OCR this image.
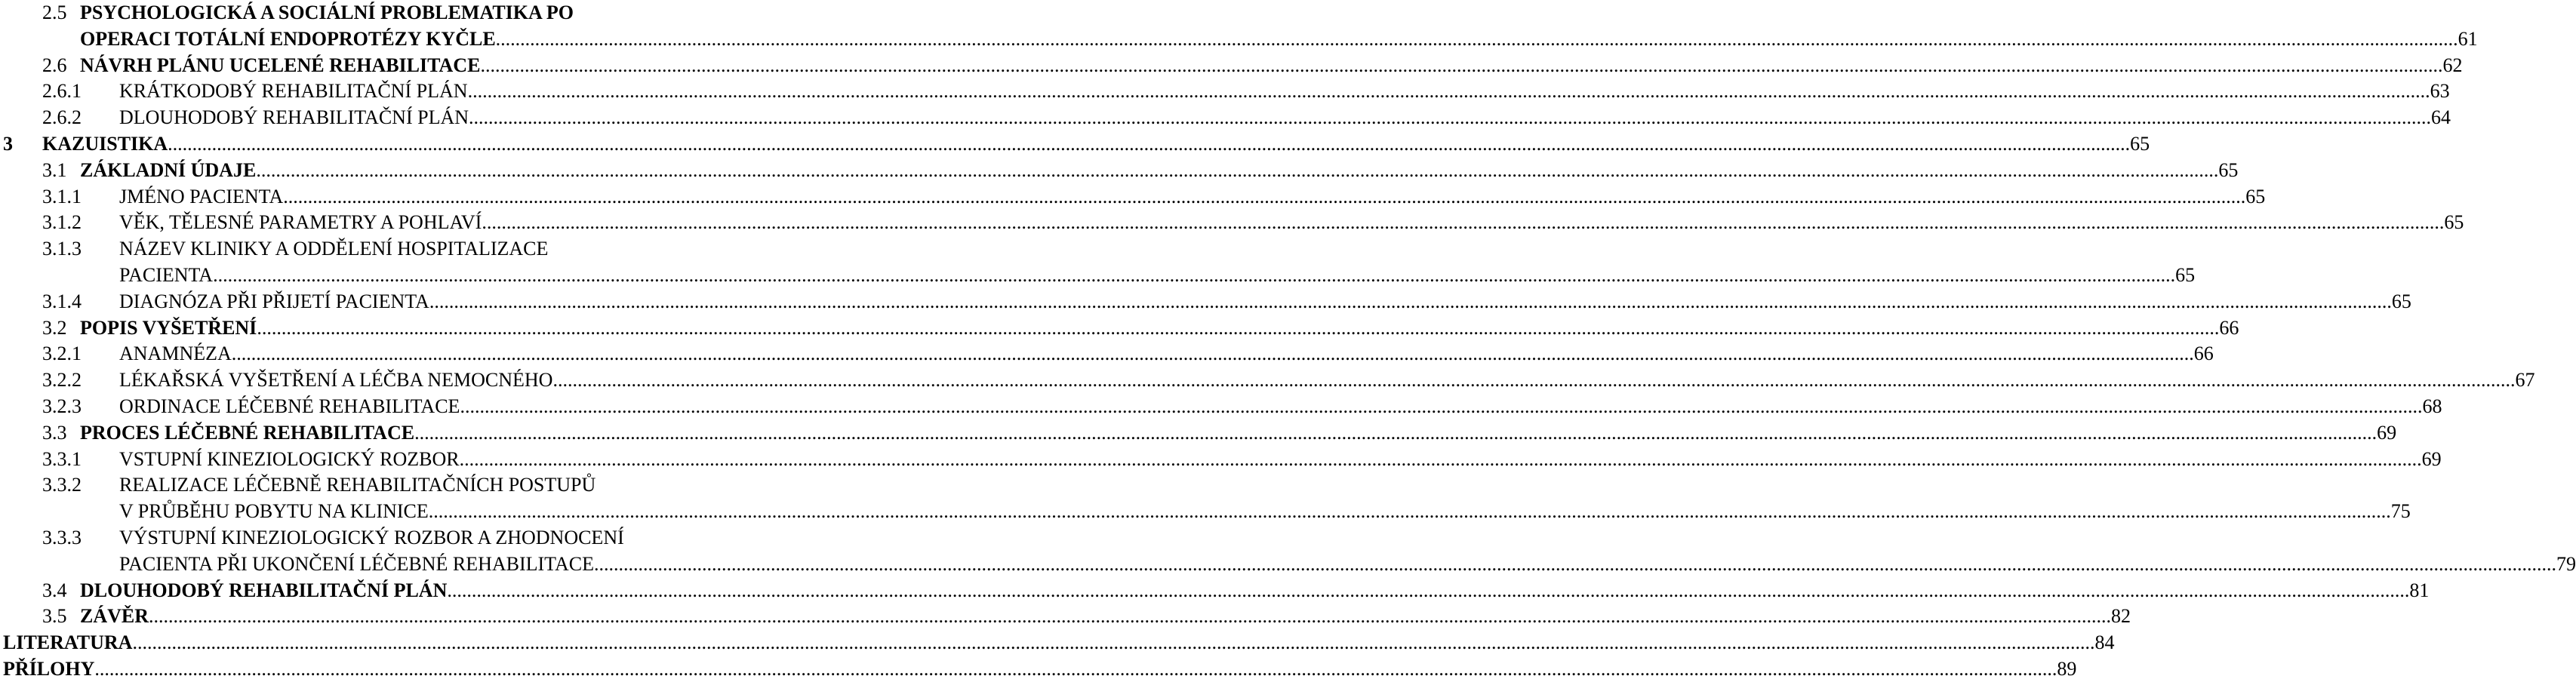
2.5 PSYCHOLOGICKÁ A SOCIÁLNÍ PROBLEMATIKA PO
OPERACI TOTÁLNÍ ENDOPROTÉZY KYČLE ................................................................................................................................................................................................................................................................................................................................................................................................................ 61
2.6 NÁVRH PLÁNU UCELENÉ REHABILITACE ................................................................................................................................................................................................................................................................................................................................................................................................................ 62
2.6.1 KRÁTKODOBÝ REHABILITAČNÍ PLÁN ................................................................................................................................................................................................................................................................................................................................................................................................................ 63
2.6.2 DLOUHODOBÝ REHABILITAČNÍ PLÁN ................................................................................................................................................................................................................................................................................................................................................................................................................ 64
3 KAZUISTIKA ................................................................................................................................................................................................................................................................................................................................................................................................................ 65
3.1 ZÁKLADNÍ ÚDAJE ................................................................................................................................................................................................................................................................................................................................................................................................................ 65
3.1.1 JMÉNO PACIENTA ................................................................................................................................................................................................................................................................................................................................................................................................................ 65
3.1.2 VĚK, TĚLESNÉ PARAMETRY A POHLAVÍ ................................................................................................................................................................................................................................................................................................................................................................................................................ 65
3.1.3 NÁZEV KLINIKY A ODDĚLENÍ HOSPITALIZACE
PACIENTA ................................................................................................................................................................................................................................................................................................................................................................................................................ 65
3.1.4 DIAGNÓZA PŘI PŘIJETÍ PACIENTA ................................................................................................................................................................................................................................................................................................................................................................................................................ 65
3.2 POPIS VYŠETŘENÍ ................................................................................................................................................................................................................................................................................................................................................................................................................ 66
3.2.1 ANAMNÉZA ................................................................................................................................................................................................................................................................................................................................................................................................................ 66
3.2.2 LÉKAŘSKÁ VYŠETŘENÍ A LÉČBA NEMOCNÉHO ................................................................................................................................................................................................................................................................................................................................................................................................................ 67
3.2.3 ORDINACE LÉČEBNÉ REHABILITACE ................................................................................................................................................................................................................................................................................................................................................................................................................ 68
3.3 PROCES LÉČEBNÉ REHABILITACE ................................................................................................................................................................................................................................................................................................................................................................................................................ 69
3.3.1 VSTUPNÍ KINEZIOLOGICKÝ ROZBOR ................................................................................................................................................................................................................................................................................................................................................................................................................ 69
3.3.2 REALIZACE LÉČEBNĚ REHABILITAČNÍCH POSTUPŮ
V PRŮBĚHU POBYTU NA KLINICE ................................................................................................................................................................................................................................................................................................................................................................................................................ 75
3.3.3 VÝSTUPNÍ KINEZIOLOGICKÝ ROZBOR A ZHODNOCENÍ
PACIENTA PŘI UKONČENÍ LÉČEBNÉ REHABILITACE ................................................................................................................................................................................................................................................................................................................................................................................................................ 79
3.4 DLOUHODOBÝ REHABILITAČNÍ PLÁN ................................................................................................................................................................................................................................................................................................................................................................................................................ 81
3.5 ZÁVĚR ................................................................................................................................................................................................................................................................................................................................................................................................................ 82
LITERATURA ................................................................................................................................................................................................................................................................................................................................................................................................................ 84
PŘÍLOHY ................................................................................................................................................................................................................................................................................................................................................................................................................ 89
